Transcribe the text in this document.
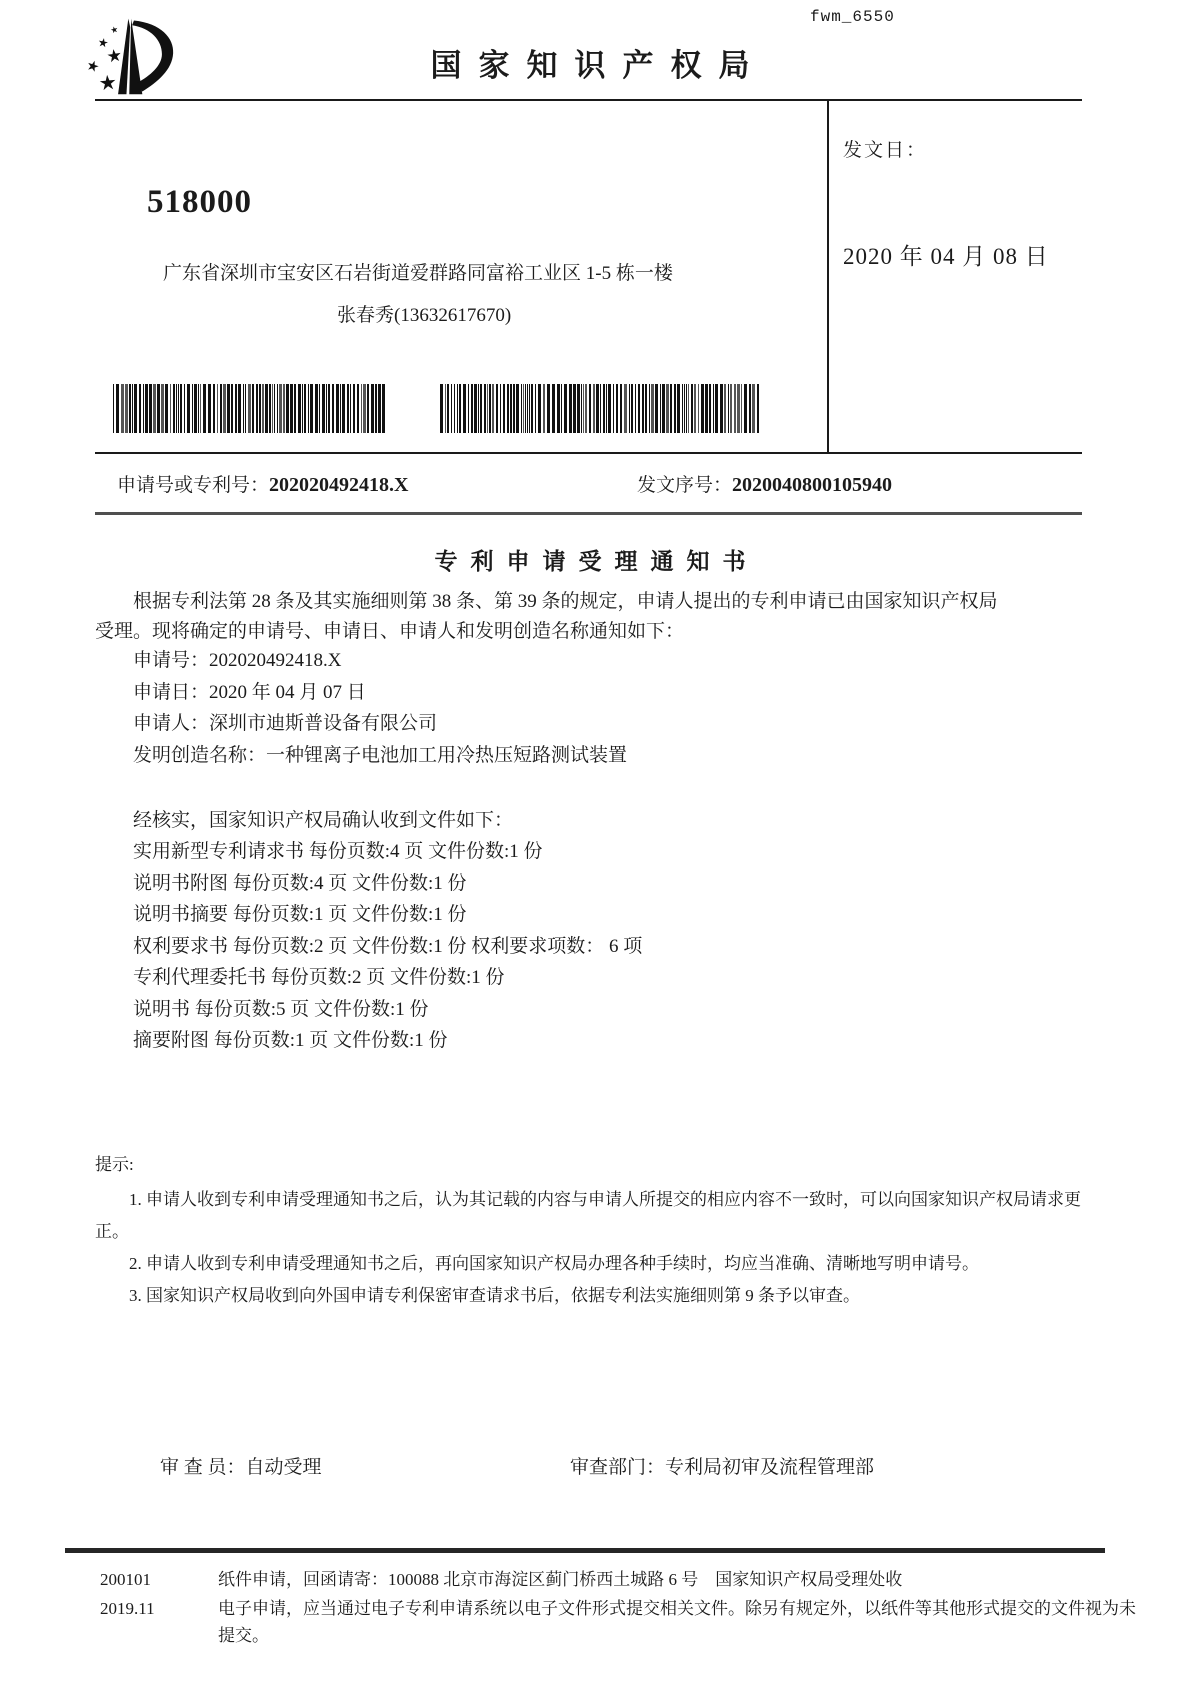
fwm_6550
国家知识产权局
518000
广东省深圳市宝安区石岩街道爱群路同富裕工业区 1-5 栋一楼
张春秀(13632617670)
发文日：
2020 年 04 月 08 日
申请号或专利号：202020492418.X	发文序号：2020040800105940
专利申请受理通知书
根据专利法第 28 条及其实施细则第 38 条、第 39 条的规定，申请人提出的专利申请已由国家知识产权局
受理。现将确定的申请号、申请日、申请人和发明创造名称通知如下：
申请号：202020492418.X
申请日：2020 年 04 月 07 日
申请人：深圳市迪斯普设备有限公司
发明创造名称：一种锂离子电池加工用冷热压短路测试装置
经核实，国家知识产权局确认收到文件如下：
实用新型专利请求书 每份页数:4 页 文件份数:1 份
说明书附图 每份页数:4 页 文件份数:1 份
说明书摘要 每份页数:1 页 文件份数:1 份
权利要求书 每份页数:2 页 文件份数:1 份 权利要求项数： 6 项
专利代理委托书 每份页数:2 页 文件份数:1 份
说明书 每份页数:5 页 文件份数:1 份
摘要附图 每份页数:1 页 文件份数:1 份
提示:
1. 申请人收到专利申请受理通知书之后，认为其记载的内容与申请人所提交的相应内容不一致时，可以向国家知识产权局请求更正。
2. 申请人收到专利申请受理通知书之后，再向国家知识产权局办理各种手续时，均应当准确、清晰地写明申请号。
3. 国家知识产权局收到向外国申请专利保密审查请求书后，依据专利法实施细则第 9 条予以审查。
审 查 员：自动受理	审查部门：专利局初审及流程管理部
200101	纸件申请，回函请寄：100088 北京市海淀区蓟门桥西土城路 6 号　国家知识产权局受理处收
2019.11	电子申请，应当通过电子专利申请系统以电子文件形式提交相关文件。除另有规定外，以纸件等其他形式提交的文件视为未提交。
